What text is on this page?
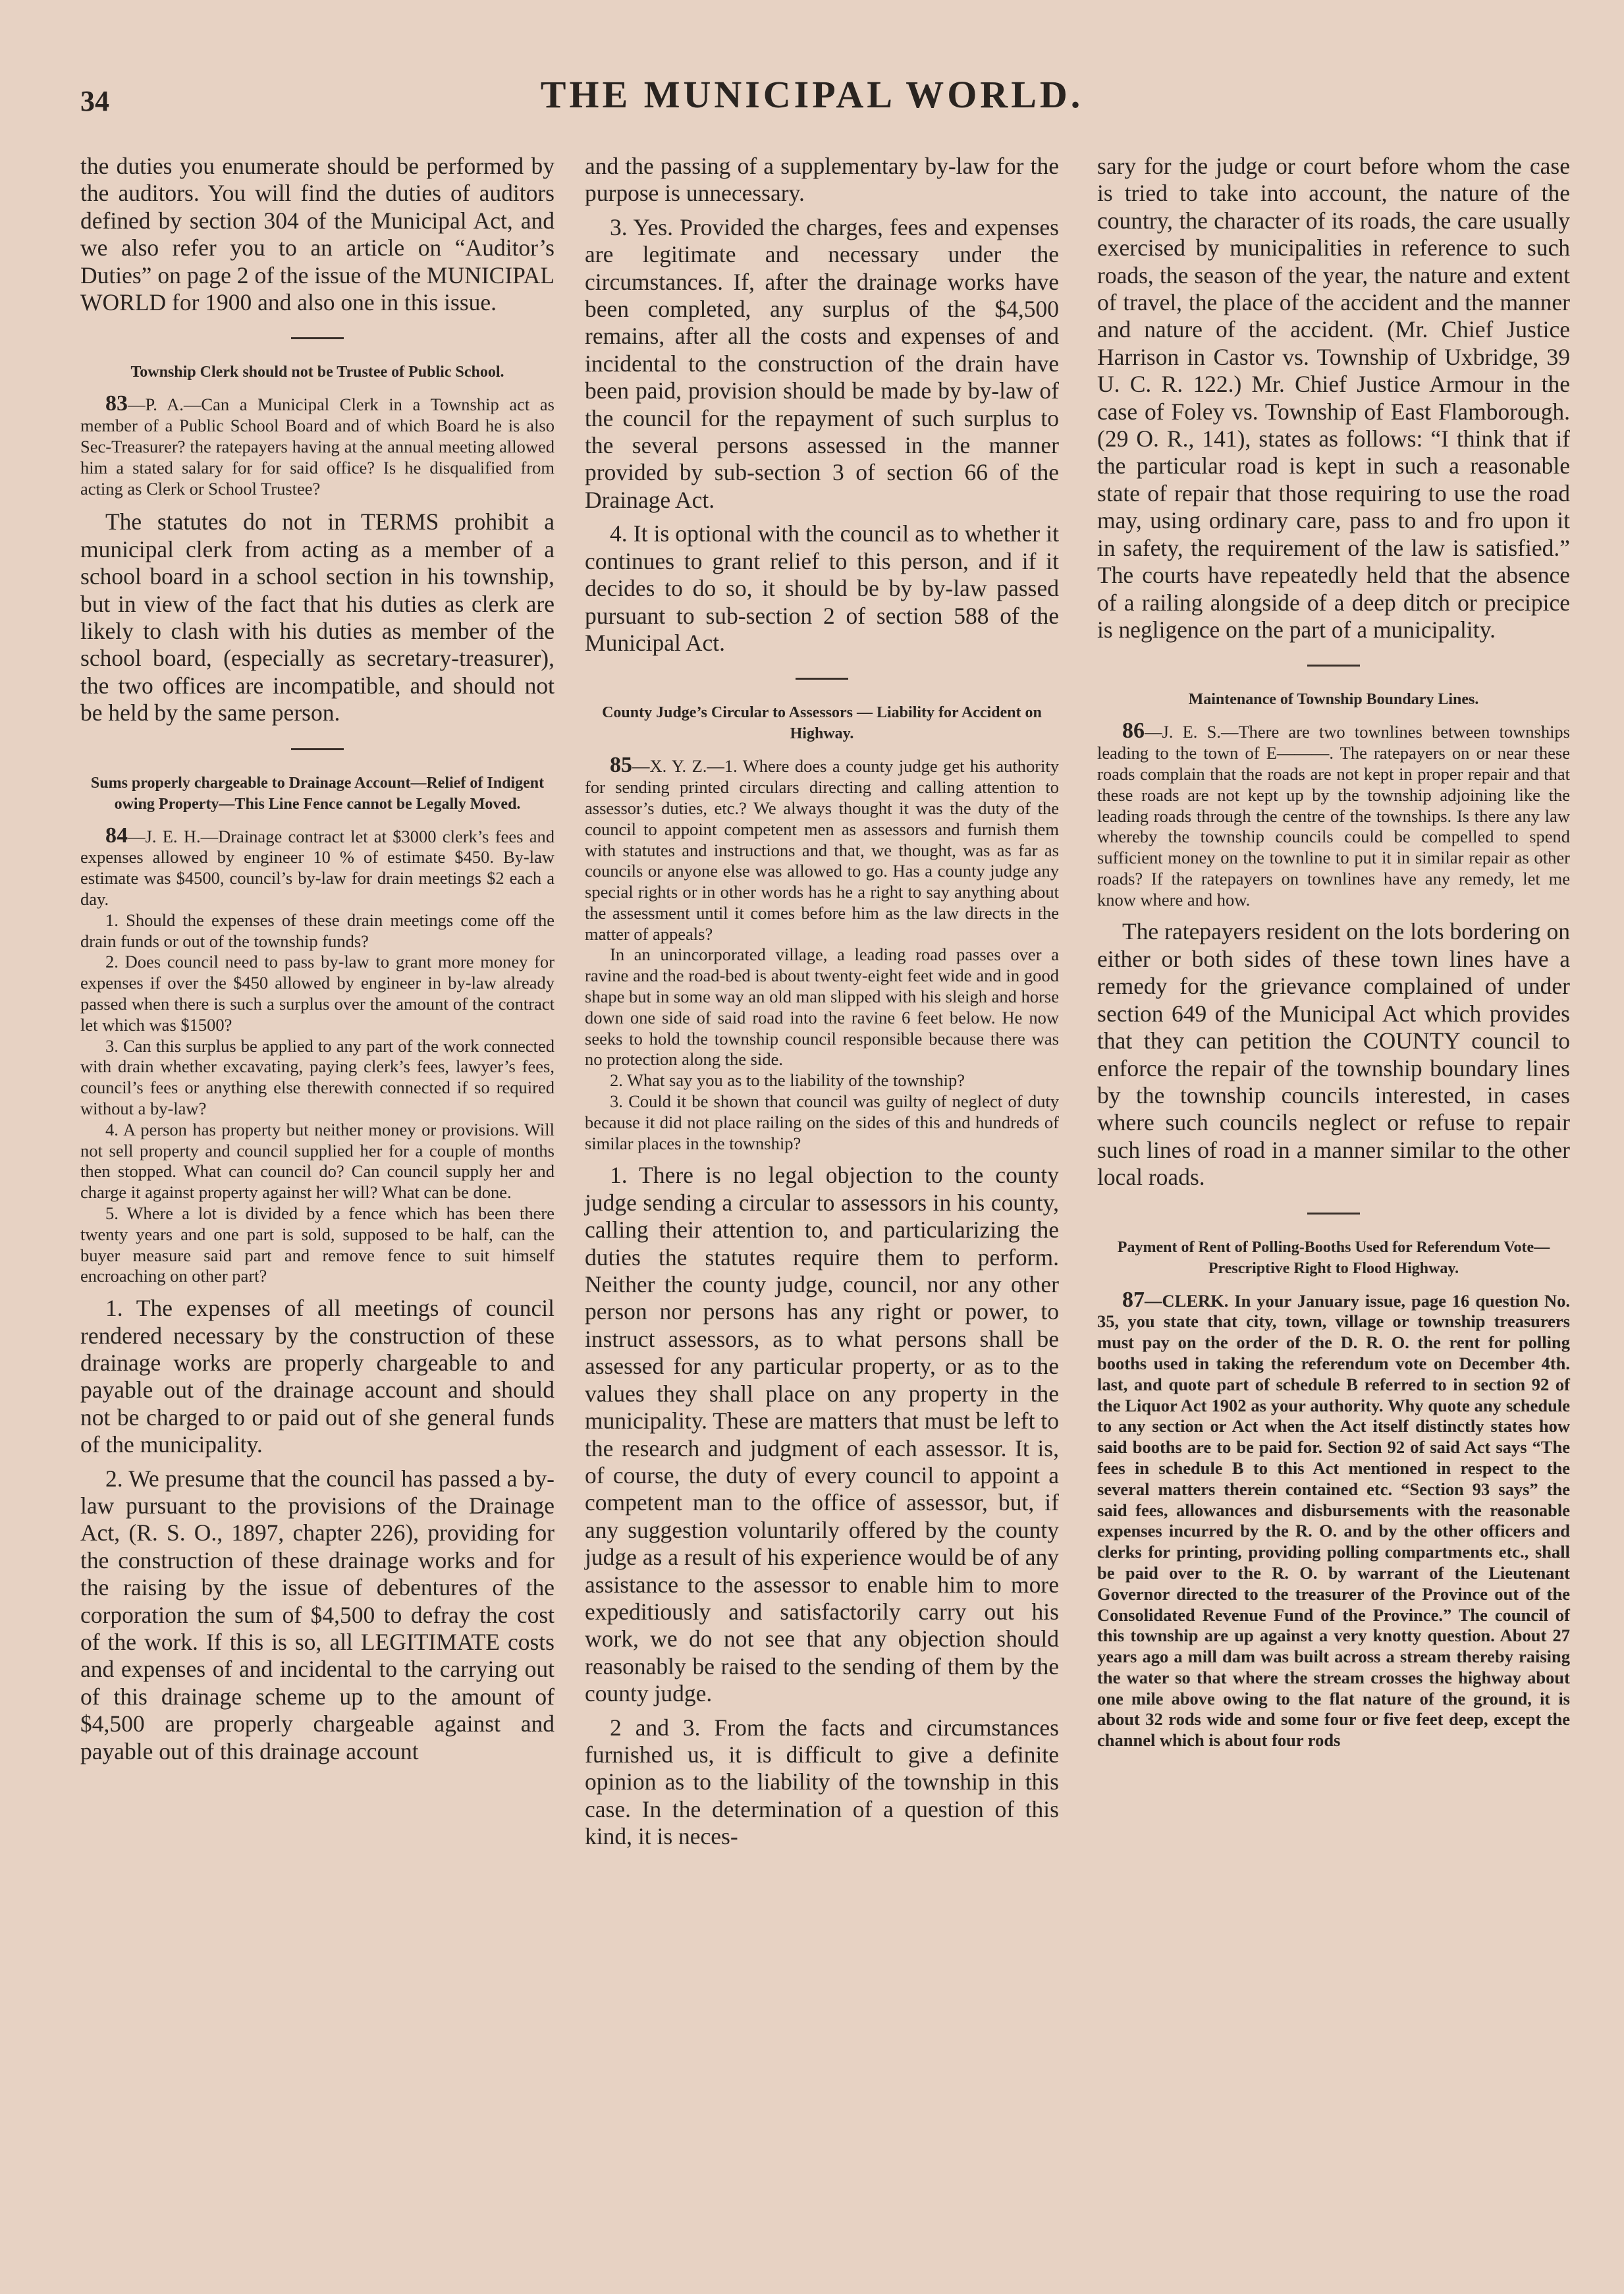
34	THE MUNICIPAL WORLD.

the duties you enumerate should be performed by the auditors. You will find the duties of auditors defined by section 304 of the Municipal Act, and we also refer you to an article on “Auditor’s Duties” on page 2 of the issue of the MUNICIPAL WORLD for 1900 and also one in this issue.

Township Clerk should not be Trustee of Public School.

83—P. A.—Can a Municipal Clerk in a Township act as member of a Public School Board and of which Board he is also Sec-Treasurer? the ratepayers having at the annual meeting allowed him a stated salary for for said office? Is he disqualified from acting as Clerk or School Trustee?

The statutes do not in TERMS prohibit a municipal clerk from acting as a member of a school board in a school section in his township, but in view of the fact that his duties as clerk are likely to clash with his duties as member of the school board, (especially as secretary-treasurer), the two offices are incompatible, and should not be held by the same person.

Sums properly chargeable to Drainage Account—Relief of Indigent owing Property—This Line Fence cannot be Legally Moved.

84—J. E. H.—Drainage contract let at $3000 clerk’s fees and expenses allowed by engineer 10 % of estimate $450. By-law estimate was $4500, council’s by-law for drain meetings $2 each a day.

1. Should the expenses of these drain meetings come off the drain funds or out of the township funds?

2. Does council need to pass by-law to grant more money for expenses if over the $450 allowed by engineer in by-law already passed when there is such a surplus over the amount of the contract let which was $1500?

3. Can this surplus be applied to any part of the work connected with drain whether excavating, paying clerk’s fees, lawyer’s fees, council’s fees or anything else therewith connected if so required without a by-law?

4. A person has property but neither money or provisions. Will not sell property and council supplied her for a couple of months then stopped. What can council do? Can council supply her and charge it against property against her will? What can be done.

5. Where a lot is divided by a fence which has been there twenty years and one part is sold, supposed to be half, can the buyer measure said part and remove fence to suit himself encroaching on other part?

1. The expenses of all meetings of council rendered necessary by the construction of these drainage works are properly chargeable to and payable out of the drainage account and should not be charged to or paid out of she general funds of the municipality.

2. We presume that the council has passed a by-law pursuant to the provisions of the Drainage Act, (R. S. O., 1897, chapter 226), providing for the construction of these drainage works and for the raising by the issue of debentures of the corporation the sum of $4,500 to defray the cost of the work. If this is so, all LEGITIMATE costs and expenses of and incidental to the carrying out of this drainage scheme up to the amount of $4,500 are properly chargeable against and payable out of this drainage account

and the passing of a supplementary by-law for the purpose is unnecessary.

3. Yes. Provided the charges, fees and expenses are legitimate and necessary under the circumstances. If, after the drainage works have been completed, any surplus of the $4,500 remains, after all the costs and expenses of and incidental to the construction of the drain have been paid, provision should be made by by-law of the council for the repayment of such surplus to the several persons assessed in the manner provided by sub-section 3 of section 66 of the Drainage Act.

4. It is optional with the council as to whether it continues to grant relief to this person, and if it decides to do so, it should be by by-law passed pursuant to sub-section 2 of section 588 of the Municipal Act.

County Judge’s Circular to Assessors — Liability for Accident on Highway.

85—X. Y. Z.—1. Where does a county judge get his authority for sending printed circulars directing and calling attention to assessor’s duties, etc.? We always thought it was the duty of the council to appoint competent men as assessors and furnish them with statutes and instructions and that, we thought, was as far as councils or anyone else was allowed to go. Has a county judge any special rights or in other words has he a right to say anything about the assessment until it comes before him as the law directs in the matter of appeals?

In an unincorporated village, a leading road passes over a ravine and the road-bed is about twenty-eight feet wide and in good shape but in some way an old man slipped with his sleigh and horse down one side of said road into the ravine 6 feet below. He now seeks to hold the township council responsible because there was no protection along the side.

2. What say you as to the liability of the township?

3. Could it be shown that council was guilty of neglect of duty because it did not place railing on the sides of this and hundreds of similar places in the township?

1. There is no legal objection to the county judge sending a circular to assessors in his county, calling their attention to, and particularizing the duties the statutes require them to perform. Neither the county judge, council, nor any other person nor persons has any right or power, to instruct assessors, as to what persons shall be assessed for any particular property, or as to the values they shall place on any property in the municipality. These are matters that must be left to the research and judgment of each assessor. It is, of course, the duty of every council to appoint a competent man to the office of assessor, but, if any suggestion voluntarily offered by the county judge as a result of his experience would be of any assistance to the assessor to enable him to more expeditiously and satisfactorily carry out his work, we do not see that any objection should reasonably be raised to the sending of them by the county judge.

2 and 3. From the facts and circumstances furnished us, it is difficult to give a definite opinion as to the liability of the township in this case. In the determination of a question of this kind, it is neces-

sary for the judge or court before whom the case is tried to take into account, the nature of the country, the character of its roads, the care usually exercised by municipalities in reference to such roads, the season of the year, the nature and extent of travel, the place of the accident and the manner and nature of the accident. (Mr. Chief Justice Harrison in Castor vs. Township of Uxbridge, 39 U. C. R. 122.) Mr. Chief Justice Armour in the case of Foley vs. Township of East Flamborough. (29 O. R., 141), states as follows: “I think that if the particular road is kept in such a reasonable state of repair that those requiring to use the road may, using ordinary care, pass to and fro upon it in safety, the requirement of the law is satisfied.” The courts have repeatedly held that the absence of a railing alongside of a deep ditch or precipice is negligence on the part of a municipality.

Maintenance of Township Boundary Lines.

86—J. E. S.—There are two townlines between townships leading to the town of E———. The ratepayers on or near these roads complain that the roads are not kept in proper repair and that these roads are not kept up by the township adjoining like the leading roads through the centre of the townships. Is there any law whereby the township councils could be compelled to spend sufficient money on the townline to put it in similar repair as other roads? If the ratepayers on townlines have any remedy, let me know where and how.

The ratepayers resident on the lots bordering on either or both sides of these town lines have a remedy for the grievance complained of under section 649 of the Municipal Act which provides that they can petition the COUNTY council to enforce the repair of the township boundary lines by the township councils interested, in cases where such councils neglect or refuse to repair such lines of road in a manner similar to the other local roads.

Payment of Rent of Polling-Booths Used for Referendum Vote—Prescriptive Right to Flood Highway.

87—CLERK. In your January issue, page 16 question No. 35, you state that city, town, village or township treasurers must pay on the order of the D. R. O. the rent for polling booths used in taking the referendum vote on December 4th. last, and quote part of schedule B referred to in section 92 of the Liquor Act 1902 as your authority. Why quote any schedule to any section or Act when the Act itself distinctly states how said booths are to be paid for. Section 92 of said Act says “The fees in schedule B to this Act mentioned in respect to the several matters therein contained etc. “Section 93 says” the said fees, allowances and disbursements with the reasonable expenses incurred by the R. O. and by the other officers and clerks for printing, providing polling compartments etc., shall be paid over to the R. O. by warrant of the Lieutenant Governor directed to the treasurer of the Province out of the Consolidated Revenue Fund of the Province.” The council of this township are up against a very knotty question. About 27 years ago a mill dam was built across a stream thereby raising the water so that where the stream crosses the highway about one mile above owing to the flat nature of the ground, it is about 32 rods wide and some four or five feet deep, except the channel which is about four rods
